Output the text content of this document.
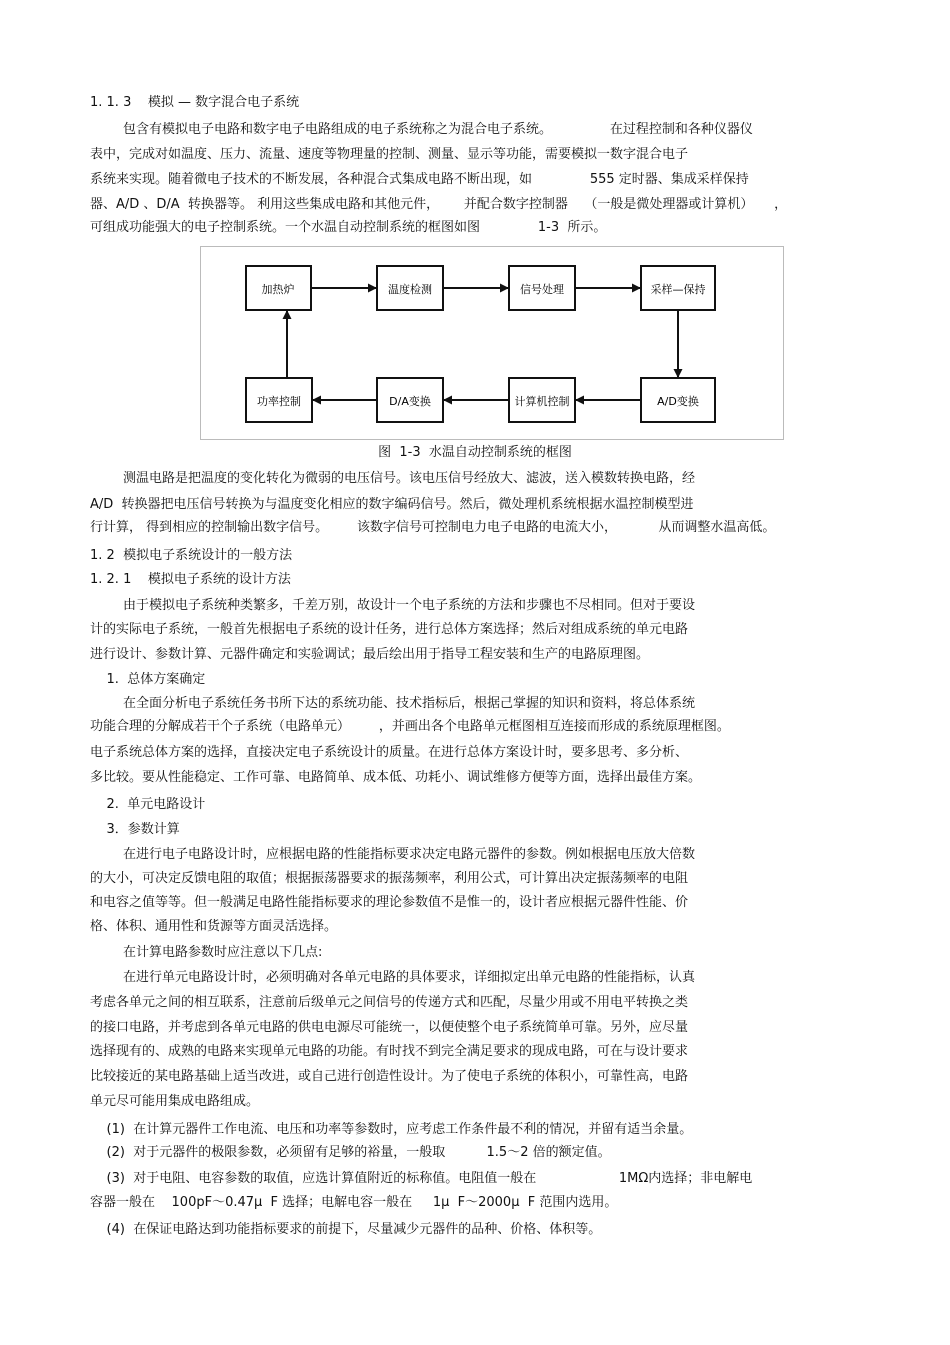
1. 1. 3    模拟 — 数字混合电子系统
包含有模拟电子电路和数字电子电路组成的电子系统称之为混合电子系统。              在过程控制和各种仪器仪
表中，完成对如温度、压力、流量、速度等物理量的控制、测量、显示等功能，需要模拟一数字混合电子
系统来实现。随着微电子技术的不断发展，各种混合式集成电路不断出现，如              555 定时器、集成采样保持
器、A/D 、D/A  转换器等。 利用这些集成电路和其他元件，      并配合数字控制器    （一般是微处理器或计算机）     ，
可组成功能强大的电子控制系统。一个水温自动控制系统的框图如图              1-3  所示。
加热炉	温度检测	信号处理	采样—保持
功率控制	D/A变换	计算机控制	A/D变换
图  1-3  水温自动控制系统的框图
测温电路是把温度的变化转化为微弱的电压信号。该电压信号经放大、滤波，送入模数转换电路，经
A/D  转换器把电压信号转换为与温度变化相应的数字编码信号。然后，微处理机系统根据水温控制模型进
行计算， 得到相应的控制输出数字信号。       该数字信号可控制电力电子电路的电流大小，          从而调整水温高低。
1. 2  模拟电子系统设计的一般方法
1. 2. 1    模拟电子系统的设计方法
由于模拟电子系统种类繁多，千差万别，故设计一个电子系统的方法和步骤也不尽相同。但对于要设
计的实际电子系统，一般首先根据电子系统的设计任务，进行总体方案选择；然后对组成系统的单元电路
进行设计、参数计算、元器件确定和实验调试；最后绘出用于指导工程安装和生产的电路原理图。
1.  总体方案确定
在全面分析电子系统任务书所下达的系统功能、技术指标后，根据己掌握的知识和资料，将总体系统
功能合理的分解成若干个子系统（电路单元）       ，并画出各个电路单元框图相互连接而形成的系统原理框图。
电子系统总体方案的选择，直接决定电子系统设计的质量。在进行总体方案设计时，要多思考、多分析、
多比较。要从性能稳定、工作可靠、电路简单、成本低、功耗小、调试维修方便等方面，选择出最佳方案。
2.  单元电路设计
3．参数计算
在进行电子电路设计时，应根据电路的性能指标要求决定电路元器件的参数。例如根据电压放大倍数
的大小，可决定反馈电阻的取值；根据振荡器要求的振荡频率，利用公式，可计算出决定振荡频率的电阻
和电容之值等等。但一般满足电路性能指标要求的理论参数值不是惟一的，设计者应根据元器件性能、价
格、体积、通用性和货源等方面灵活选择。
在计算电路参数时应注意以下几点:
在进行单元电路设计时，必须明确对各单元电路的具体要求，详细拟定出单元电路的性能指标，认真
考虑各单元之间的相互联系，注意前后级单元之间信号的传递方式和匹配，尽量少用或不用电平转换之类
的接口电路，并考虑到各单元电路的供电电源尽可能统一，以便使整个电子系统简单可靠。另外，应尽量
选择现有的、成熟的电路来实现单元电路的功能。有时找不到完全满足要求的现成电路，可在与设计要求
比较接近的某电路基础上适当改进，或自己进行创造性设计。为了使电子系统的体积小，可靠性高，电路
单元尽可能用集成电路组成。
(1)  在计算元器件工作电流、电压和功率等参数时，应考虑工作条件最不利的情况，并留有适当余量。
(2)  对于元器件的极限参数，必须留有足够的裕量，一般取          1.5～2 倍的额定值。
(3)  对于电阻、电容参数的取值，应选计算值附近的标称值。电阻值一般在                    1MΩ内选择；非电解电
容器一般在    100pF～0.47μ  F 选择；电解电容一般在     1μ  F～2000μ  F 范围内选用。
(4)  在保证电路达到功能指标要求的前提下，尽量减少元器件的品种、价格、体积等。
